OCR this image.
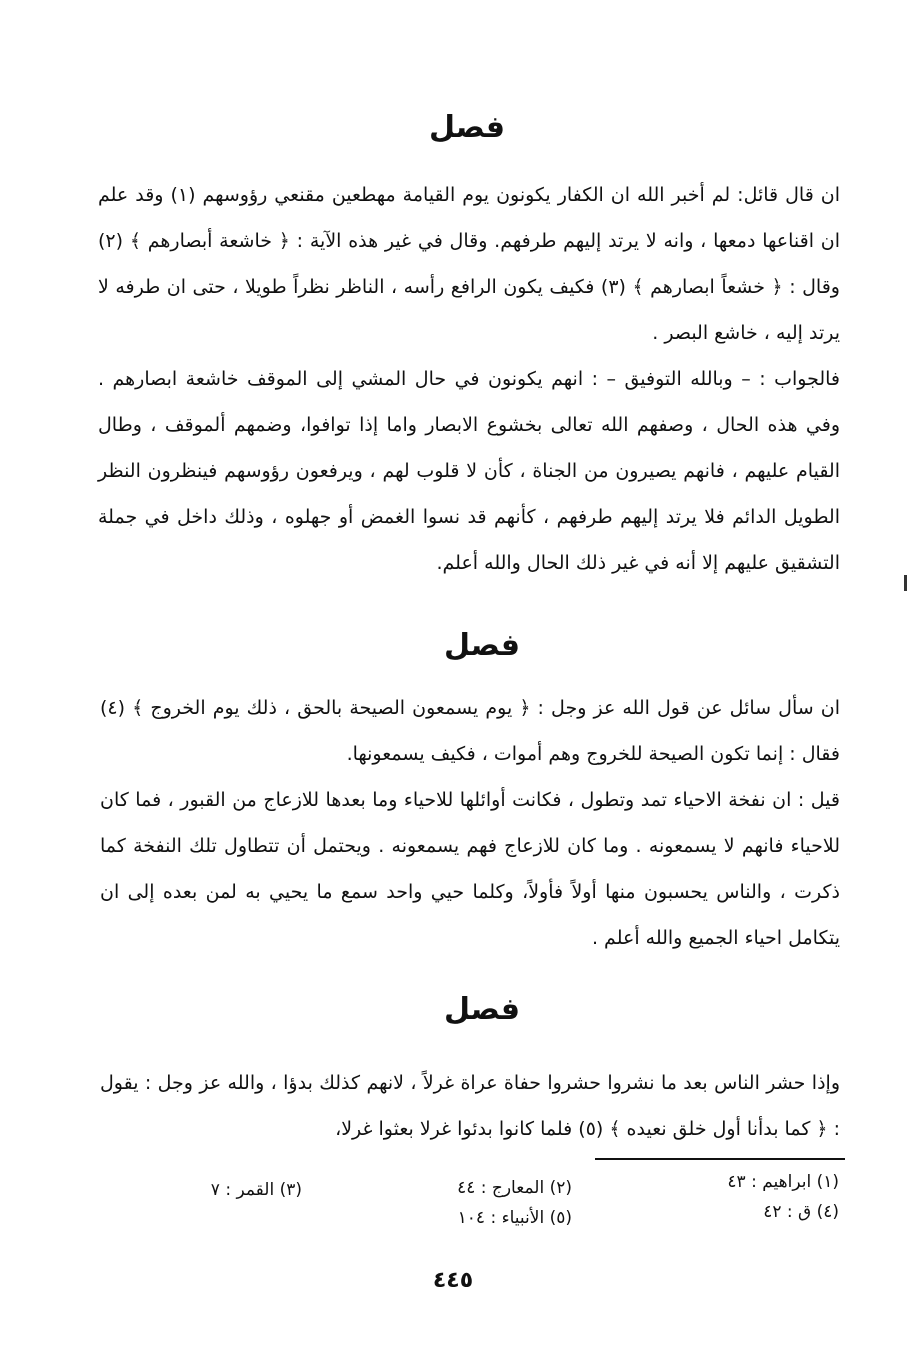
فصل

ان قال قائل: لم أخبر الله ان الكفار يكونون يوم القيامة مهطعين مقنعي رؤوسهم (١) وقد علم ان اقناعها دمعها ، وانه لا يرتد إليهم طرفهم. وقال في غير هذه الآية : ﴿ خاشعة أبصارهم ﴾ (٢) وقال : ﴿ خشعاً ابصارهم ﴾ (٣) فكيف يكون الرافع رأسه ، الناظر نظراً طويلا ، حتى ان طرفه لا يرتد إليه ، خاشع البصر .

فالجواب : – وبالله التوفيق – : انهم يكونون في حال المشي إلى الموقف خاشعة ابصارهم . وفي هذه الحال ، وصفهم الله تعالى بخشوع الابصار واما إذا توافوا، وضمهم ألموقف ، وطال القيام عليهم ، فانهم يصيرون من الجناة ، كأن لا قلوب لهم ، ويرفعون رؤوسهم فينظرون النظر الطويل الدائم فلا يرتد إليهم طرفهم ، كأنهم قد نسوا الغمض أو جهلوه ، وذلك داخل في جملة التشقيق عليهم إلا أنه في غير ذلك الحال والله أعلم.

فصل

ان سأل سائل عن قول الله عز وجل : ﴿ يوم يسمعون الصيحة بالحق ، ذلك يوم الخروج ﴾ (٤) فقال : إنما تكون الصيحة للخروج وهم أموات ، فكيف يسمعونها.

قيل : ان نفخة الاحياء تمد وتطول ، فكانت أوائلها للاحياء وما بعدها للازعاج من القبور ، فما كان للاحياء فانهم لا يسمعونه . وما كان للازعاج فهم يسمعونه . ويحتمل أن تتطاول تلك النفخة كما ذكرت ، والناس يحسبون منها أولاً فأولاً، وكلما حيي واحد سمع ما يحيي به لمن بعده إلى ان يتكامل احياء الجميع والله أعلم .

فصل

وإذا حشر الناس بعد ما نشروا حشروا حفاة عراة غرلاً ، لانهم كذلك بدؤا ، والله عز وجل : يقول : ﴿ كما بدأنا أول خلق نعيده ﴾ (٥) فلما كانوا بدئوا غرلا بعثوا غرلا،

(١) ابراهيم : ٤٣
(٢) المعارج : ٤٤
(٣) القمر : ٧
(٤) ق : ٤٢
(٥) الأنبياء : ١٠٤
٤٤٥
